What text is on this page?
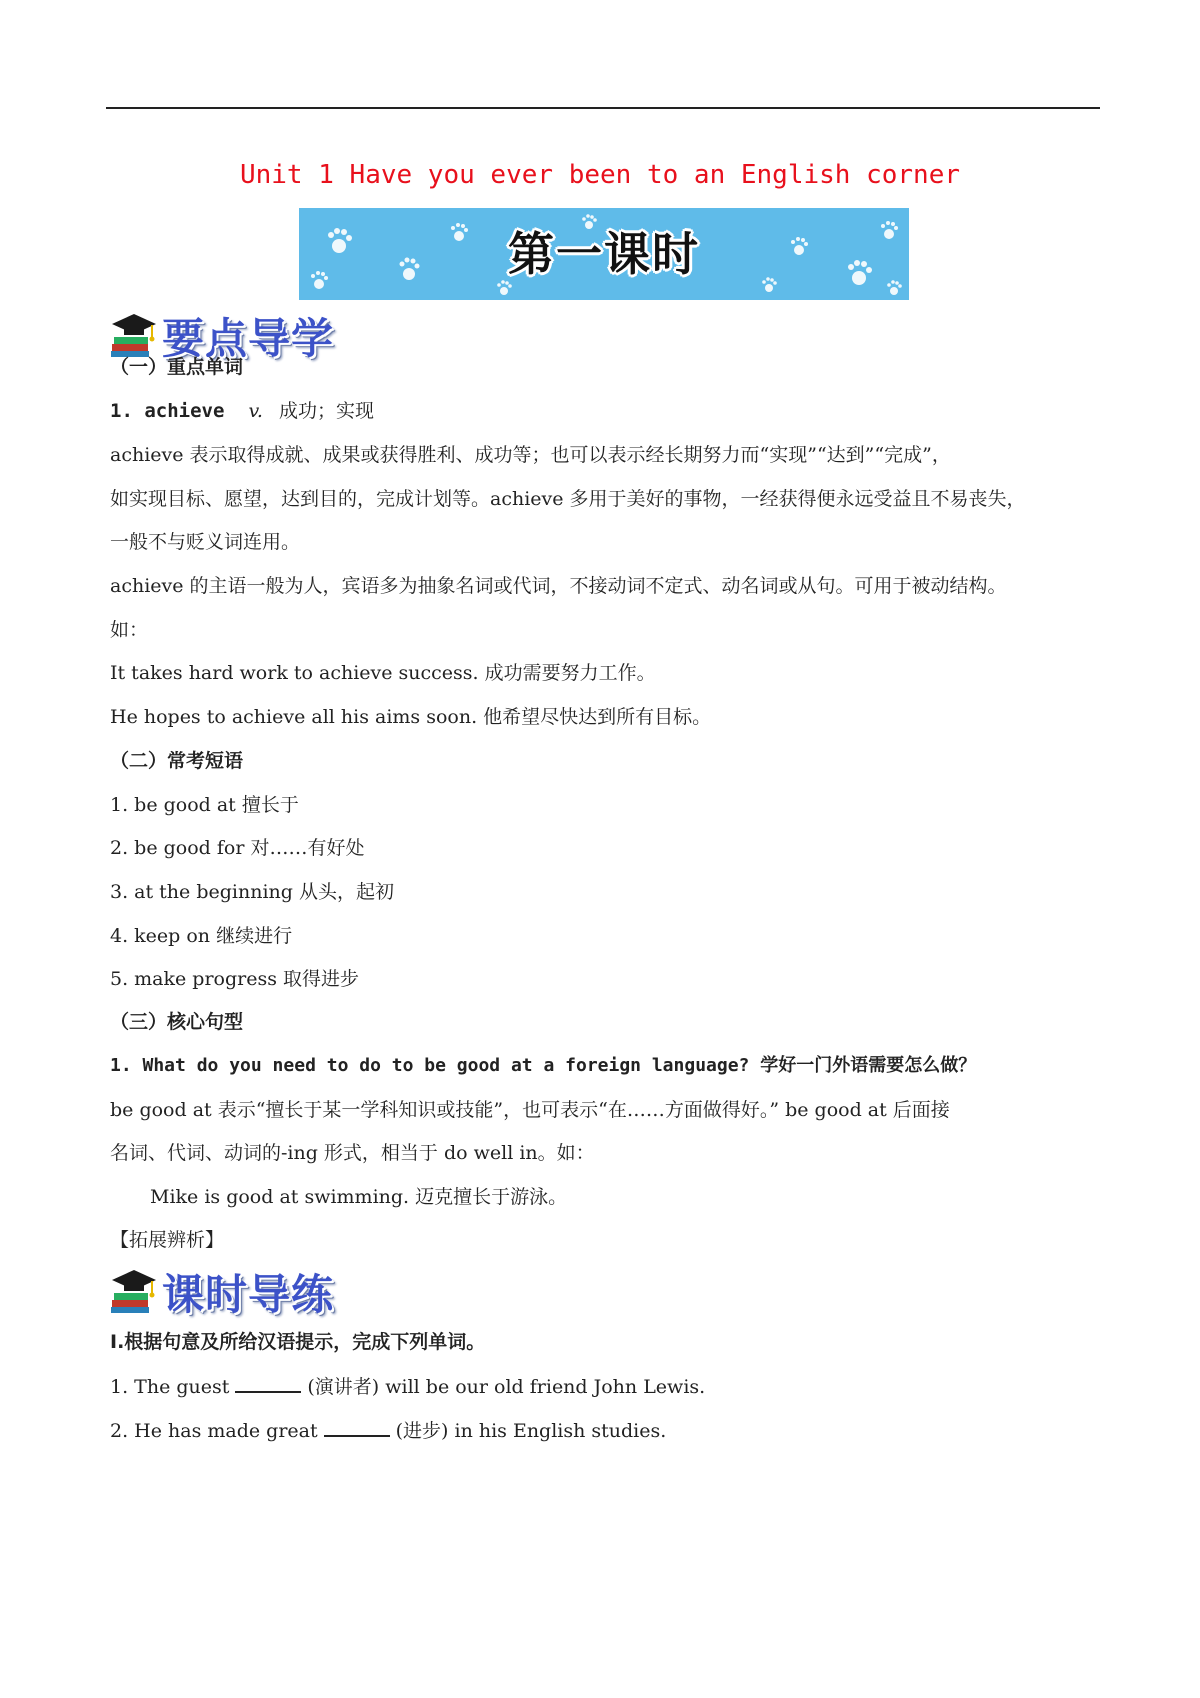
Unit 1 Have you ever been to an English corner
第一课时
要点导学
（一）重点单词
1. achieve v. 成功；实现
achieve 表示取得成就、成果或获得胜利、成功等；也可以表示经长期努力而“实现”“达到”“完成”，
如实现目标、愿望，达到目的，完成计划等。achieve 多用于美好的事物，一经获得便永远受益且不易丧失，
一般不与贬义词连用。
achieve 的主语一般为人，宾语多为抽象名词或代词，不接动词不定式、动名词或从句。可用于被动结构。
如：
It takes hard work to achieve success. 成功需要努力工作。
He hopes to achieve all his aims soon. 他希望尽快达到所有目标。
（二）常考短语
1. be good at 擅长于
2. be good for 对……有好处
3. at the beginning 从头，起初
4. keep on 继续进行
5. make progress 取得进步
（三）核心句型
1. What do you need to do to be good at a foreign language? 学好一门外语需要怎么做？
be good at 表示“擅长于某一学科知识或技能”，也可表示“在……方面做得好。” be good at 后面接
名词、代词、动词的-ing 形式，相当于 do well in。如：
Mike is good at swimming. 迈克擅长于游泳。
【拓展辨析】
课时导练
Ⅰ.根据句意及所给汉语提示，完成下列单词。
1. The guest	(演讲者) will be our old friend John Lewis.
2. He has made great	(进步) in his English studies.
